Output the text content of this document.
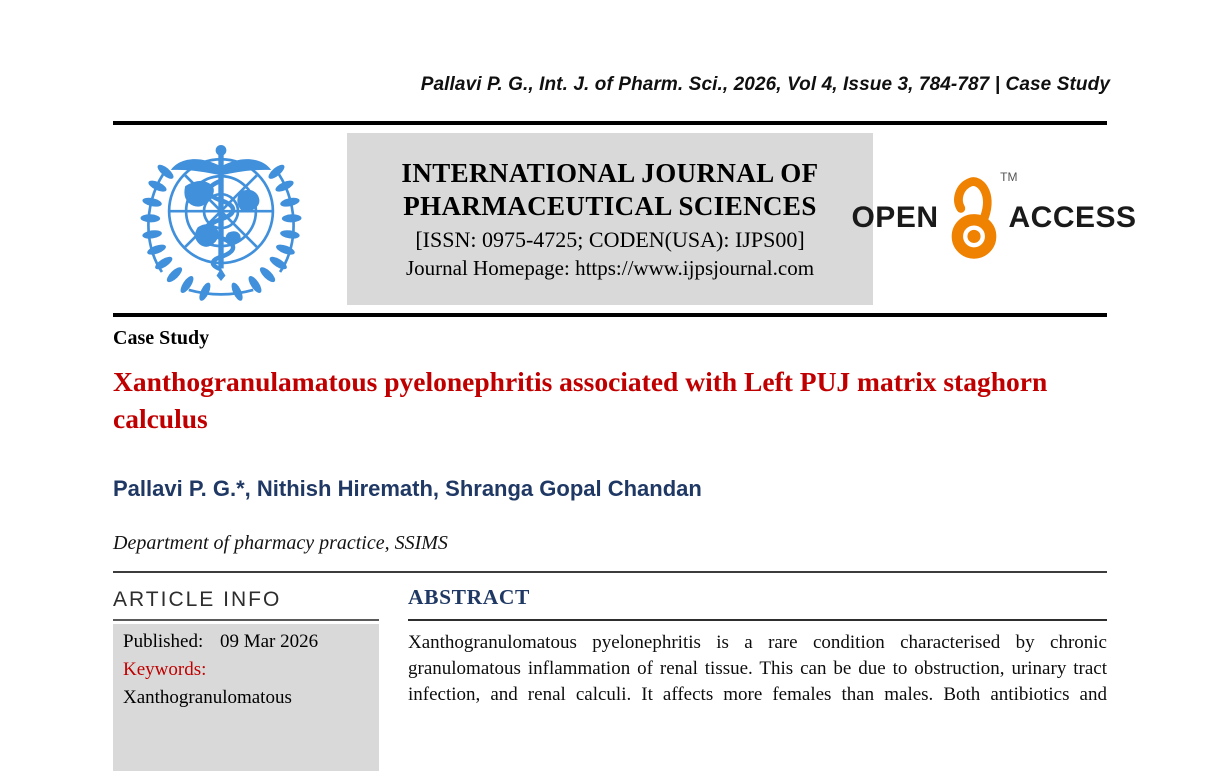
Pallavi P. G., Int. J. of Pharm. Sci., 2026, Vol 4, Issue 3, 784-787 | Case Study
INTERNATIONAL JOURNAL OF
PHARMACEUTICAL SCIENCES
[ISSN: 0975-4725; CODEN(USA): IJPS00]
Journal Homepage: https://www.ijpsjournal.com
OPEN
TM
ACCESS
Case Study
Xanthogranulamatous pyelonephritis associated with Left PUJ matrix staghorn calculus
Pallavi P. G.*, Nithish Hiremath, Shranga Gopal Chandan
Department of pharmacy practice, SSIMS
ARTICLE INFO
Published: 09 Mar 2026
Keywords:
Xanthogranulomatous
ABSTRACT
Xanthogranulomatous pyelonephritis is a rare condition characterised by chronic granulomatous inflammation of renal tissue. This can be due to obstruction, urinary tract infection, and renal calculi. It affects more females than males. Both antibiotics and
